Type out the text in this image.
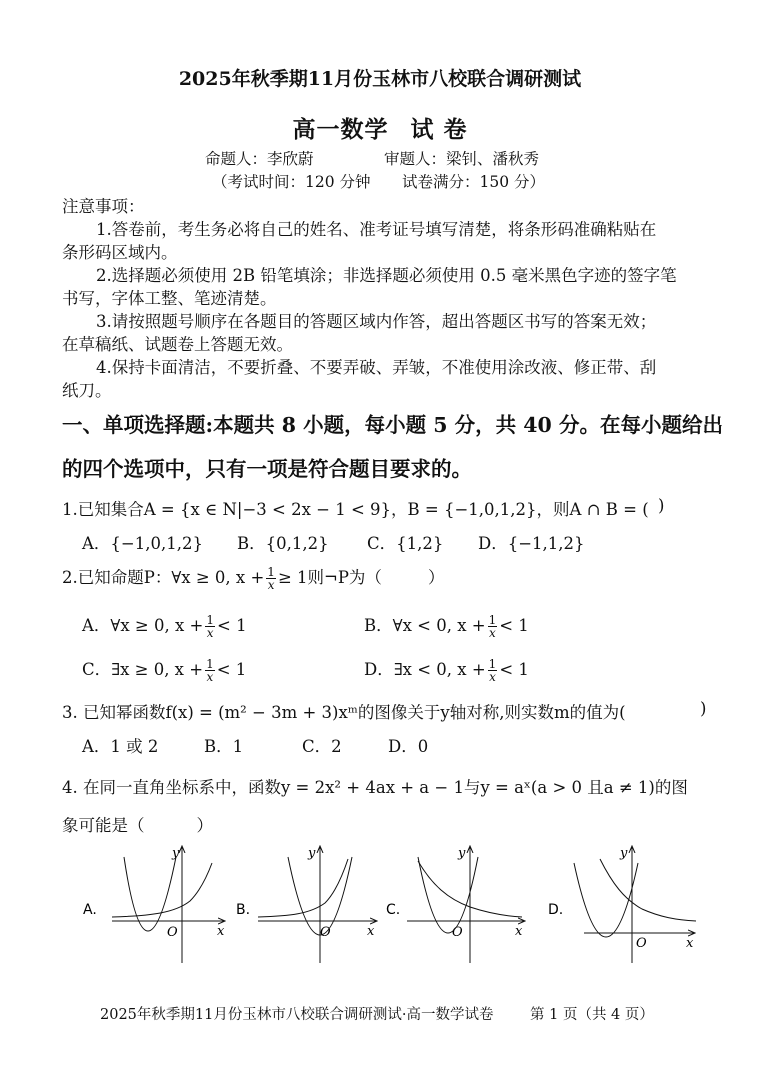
2025年秋季期11月份玉林市八校联合调研测试
高一数学 试 卷
命题人：李欣蔚	审题人：梁钊、潘秋秀
（考试时间：120 分钟 试卷满分：150 分）
注意事项：
1.答卷前，考生务必将自己的姓名、准考证号填写清楚，将条形码准确粘贴在
条形码区域内。
2.选择题必须使用 2B 铅笔填涂；非选择题必须使用 0.5 毫米黑色字迹的签字笔
书写，字体工整、笔迹清楚。
3.请按照题号顺序在各题目的答题区域内作答，超出答题区书写的答案无效；
在草稿纸、试题卷上答题无效。
4.保持卡面清洁，不要折叠、不要弄破、弄皱，不准使用涂改液、修正带、刮
纸刀。
一、单项选择题:本题共 8 小题，每小题 5 分，共 40 分。在每小题给出
的四个选项中，只有一项是符合题目要求的。
1.已知集合A = {x ∈ N|−3 < 2x − 1 < 9}，B = {−1,0,1,2}，则A ∩ B = ( )
A．{−1,0,1,2} B．{0,1,2} C．{1,2} D．{−1,1,2}
2.已知命题P：∀x ≥ 0, $x + \frac{1}{x} \ge 1$则¬P为（	）
A．∀x ≥ 0, $x + \frac{1}{x} < 1$	B．∀x < 0, $x + \frac{1}{x} < 1$
C．∃x ≥ 0, $x + \frac{1}{x} < 1$	D．∃x < 0, $x + \frac{1}{x} < 1$
3. 已知幂函数f(x) = (m² − 3m + 3)xᵐ的图像关于y轴对称,则实数m的值为(	)
A．1 或 2	B．1	C．2	D．0
4. 在同一直角坐标系中，函数y = 2x² + 4ax + a − 1与y = aˣ(a > 0 且a ≠ 1)的图
象可能是（	）
A.
y
x
O
B.
y
x
O
C.
y
x
O
D.
y
x
O
2025年秋季期11月份玉林市八校联合调研测试·高一数学试卷	第 1 页（共 4 页）
